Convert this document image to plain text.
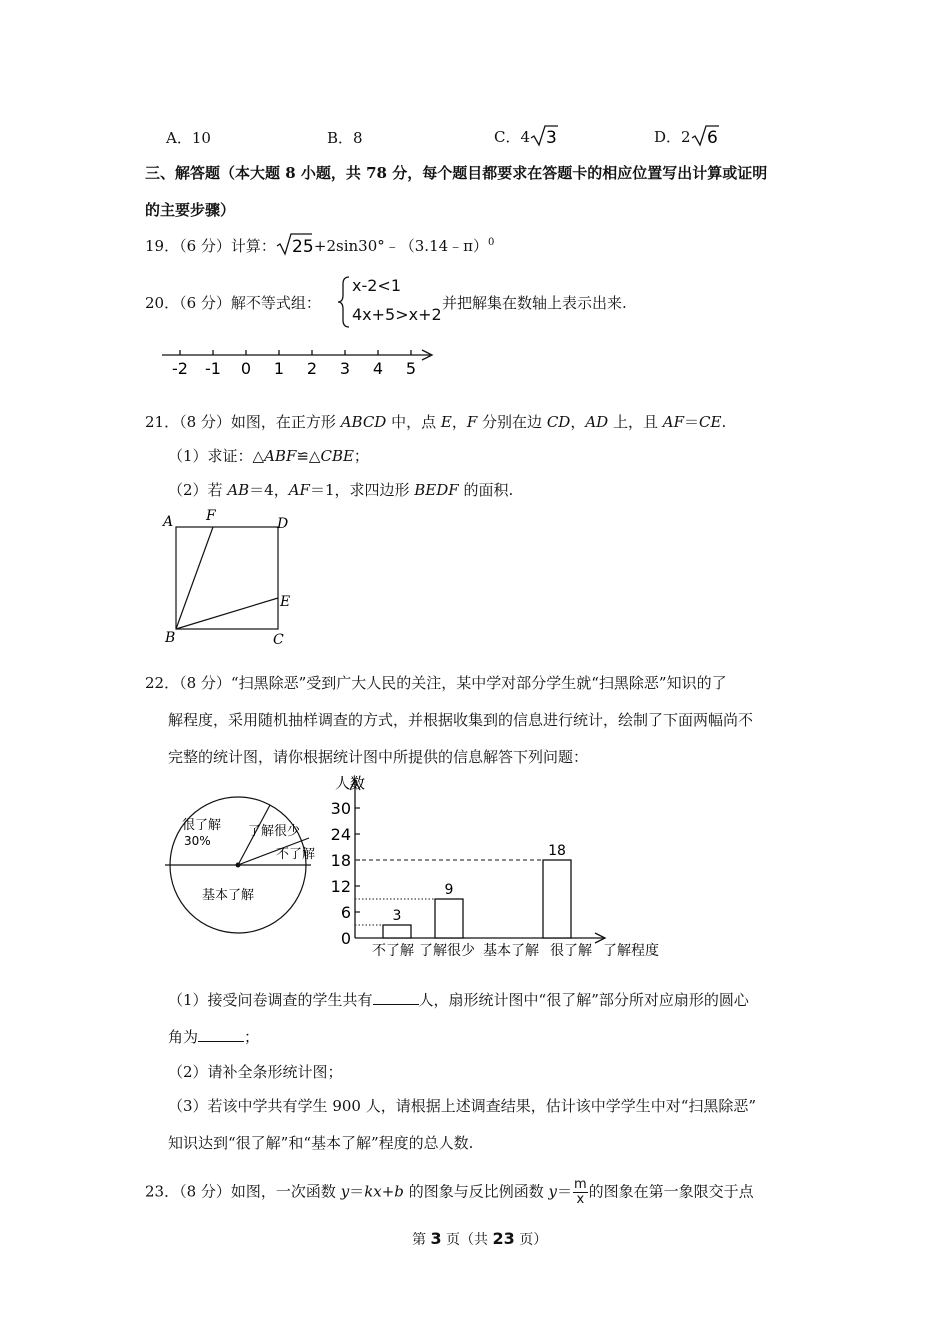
A．10	B．8	C．4 3	D．2 6
三、解答题（本大题 8 小题，共 78 分，每个题目都要求在答题卡的相应位置写出计算或证明
的主要步骤）
19．（6 分）计算： 25 +2sin30°﹣（3.14﹣π）$^0$
20．（6 分）解不等式组：
x-2<1
4x+5>x+2
并把解集在数轴上表示出来.
-2 -1 0 1 2 3 4 5
21．（8 分）如图，在正方形 ABCD 中，点 E，F 分别在边 CD，AD 上，且 AF＝CE.
（1）求证：△ABF≌△CBE；
（2）若 AB＝4，AF＝1，求四边形 BEDF 的面积.
A F	D
E
B	C
22．（8 分）“扫黑除恶”受到广大人民的关注，某中学对部分学生就“扫黑除恶”知识的了
解程度，采用随机抽样调查的方式，并根据收集到的信息进行统计，绘制了下面两幅尚不
完整的统计图，请你根据统计图中所提供的信息解答下列问题：
很了解
30%
了解很少
不了解
基本了解
人数
了解程度
0
6
12
18
24
30
3
9
18
不了解 了解很少 基本了解 很了解
（1）接受问卷调查的学生共有	人，扇形统计图中“很了解”部分所对应扇形的圆心
角为	；
（2）请补全条形统计图；
（3）若该中学共有学生 900 人，请根据上述调查结果，估计该中学学生中对“扫黑除恶”
知识达到“很了解”和“基本了解”程度的总人数.
23．（8 分）如图，一次函数 y＝kx+b 的图象与反比例函数 $y= \frac{m}{x}$ 的图象在第一象限交于点
第 3 页（共 23 页）
